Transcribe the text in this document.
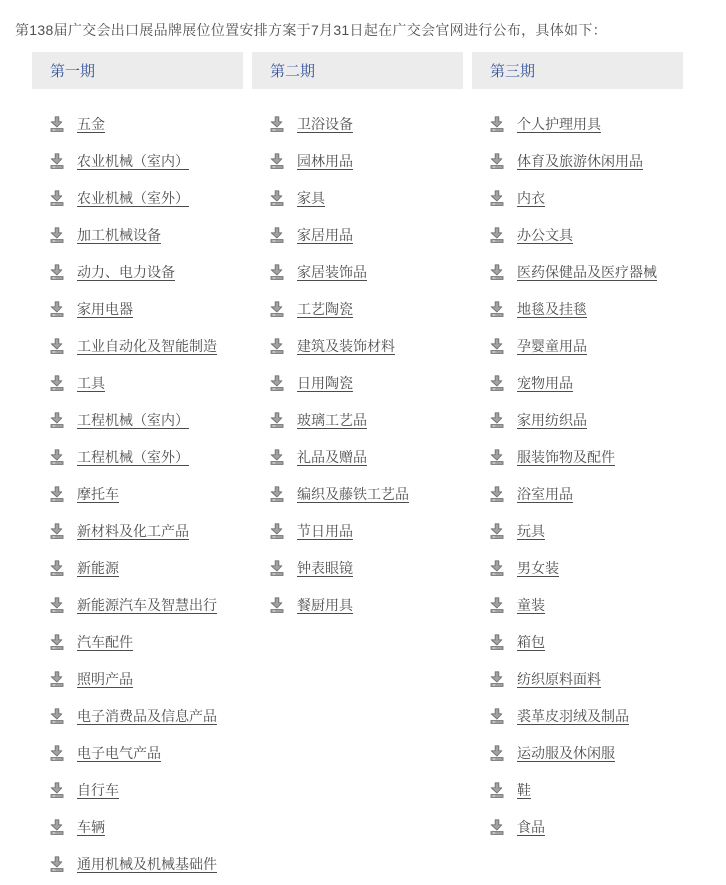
第138届广交会出口展品牌展位位置安排方案于7月31日起在广交会官网进行公布，具体如下：

第一期
五金
农业机械（室内）
农业机械（室外）
加工机械设备
动力、电力设备
家用电器
工业自动化及智能制造
工具
工程机械（室内）
工程机械（室外）
摩托车
新材料及化工产品
新能源
新能源汽车及智慧出行
汽车配件
照明产品
电子消费品及信息产品
电子电气产品
自行车
车辆
通用机械及机械基础件
第二期
卫浴设备
园林用品
家具
家居用品
家居装饰品
工艺陶瓷
建筑及装饰材料
日用陶瓷
玻璃工艺品
礼品及赠品
编织及藤铁工艺品
节日用品
钟表眼镜
餐厨用具
第三期
个人护理用具
体育及旅游休闲用品
内衣
办公文具
医药保健品及医疗器械
地毯及挂毯
孕婴童用品
宠物用品
家用纺织品
服装饰物及配件
浴室用品
玩具
男女装
童装
箱包
纺织原料面料
裘革皮羽绒及制品
运动服及休闲服
鞋
食品
